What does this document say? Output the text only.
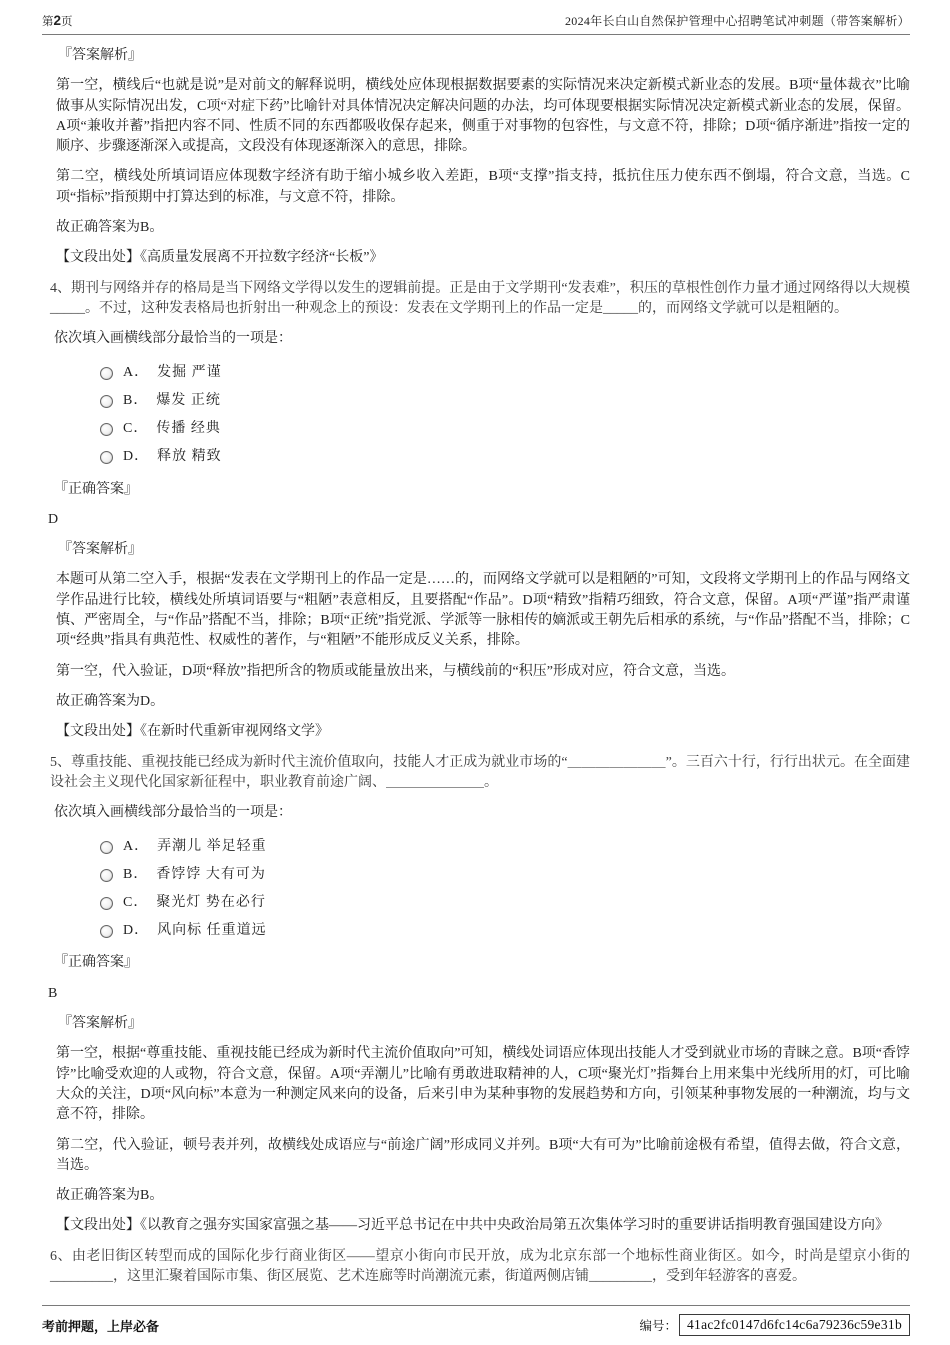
第2页	2024年长白山自然保护管理中心招聘笔试冲刺题（带答案解析）

『答案解析』

第一空，横线后“也就是说”是对前文的解释说明，横线处应体现根据数据要素的实际情况来决定新模式新业态的发展。B项“量体裁衣”比喻做事从实际情况出发，C项“对症下药”比喻针对具体情况决定解决问题的办法，均可体现要根据实际情况决定新模式新业态的发展，保留。A项“兼收并蓄”指把内容不同、性质不同的东西都吸收保存起来，侧重于对事物的包容性，与文意不符，排除；D项“循序渐进”指按一定的顺序、步骤逐渐深入或提高，文段没有体现逐渐深入的意思，排除。

第二空，横线处所填词语应体现数字经济有助于缩小城乡收入差距，B项“支撑”指支持，抵抗住压力使东西不倒塌，符合文意，当选。C项“指标”指预期中打算达到的标准，与文意不符，排除。

故正确答案为B。

【文段出处】《高质量发展离不开拉数字经济“长板”》

4、期刊与网络并存的格局是当下网络文学得以发生的逻辑前提。正是由于文学期刊“发表难”，积压的草根性创作力量才通过网络得以大规模_____。不过，这种发表格局也折射出一种观念上的预设：发表在文学期刊上的作品一定是_____的，而网络文学就可以是粗陋的。

依次填入画横线部分最恰当的一项是：

A． 发掘 严谨
B． 爆发 正统
C． 传播 经典
D． 释放 精致

『正确答案』

D

『答案解析』

本题可从第二空入手，根据“发表在文学期刊上的作品一定是……的，而网络文学就可以是粗陋的”可知，文段将文学期刊上的作品与网络文学作品进行比较，横线处所填词语要与“粗陋”表意相反，且要搭配“作品”。D项“精致”指精巧细致，符合文意，保留。A项“严谨”指严肃谨慎、严密周全，与“作品”搭配不当，排除；B项“正统”指党派、学派等一脉相传的嫡派或王朝先后相承的系统，与“作品”搭配不当，排除；C项“经典”指具有典范性、权威性的著作，与“粗陋”不能形成反义关系，排除。

第一空，代入验证，D项“释放”指把所含的物质或能量放出来，与横线前的“积压”形成对应，符合文意，当选。

故正确答案为D。

【文段出处】《在新时代重新审视网络文学》

5、尊重技能、重视技能已经成为新时代主流价值取向，技能人才正成为就业市场的“＿＿＿＿＿＿＿”。三百六十行，行行出状元。在全面建设社会主义现代化国家新征程中，职业教育前途广阔、＿＿＿＿＿＿＿。

依次填入画横线部分最恰当的一项是：

A． 弄潮儿 举足轻重
B． 香饽饽 大有可为
C． 聚光灯 势在必行
D． 风向标 任重道远

『正确答案』

B

『答案解析』

第一空，根据“尊重技能、重视技能已经成为新时代主流价值取向”可知，横线处词语应体现出技能人才受到就业市场的青睐之意。B项“香饽饽”比喻受欢迎的人或物，符合文意，保留。A项“弄潮儿”比喻有勇敢进取精神的人，C项“聚光灯”指舞台上用来集中光线所用的灯，可比喻大众的关注，D项“风向标”本意为一种测定风来向的设备，后来引申为某种事物的发展趋势和方向，引领某种事物发展的一种潮流，均与文意不符，排除。

第二空，代入验证，顿号表并列，故横线处成语应与“前途广阔”形成同义并列。B项“大有可为”比喻前途极有希望，值得去做，符合文意，当选。

故正确答案为B。

【文段出处】《以教育之强夯实国家富强之基——习近平总书记在中共中央政治局第五次集体学习时的重要讲话指明教育强国建设方向》

6、由老旧街区转型而成的国际化步行商业街区——望京小街向市民开放，成为北京东部一个地标性商业街区。如今，时尚是望京小街的_________，这里汇聚着国际市集、街区展览、艺术连廊等时尚潮流元素，街道两侧店铺_________，受到年轻游客的喜爱。

考前押题，上岸必备	编号： 41ac2fc0147d6fc14c6a79236c59e31b
